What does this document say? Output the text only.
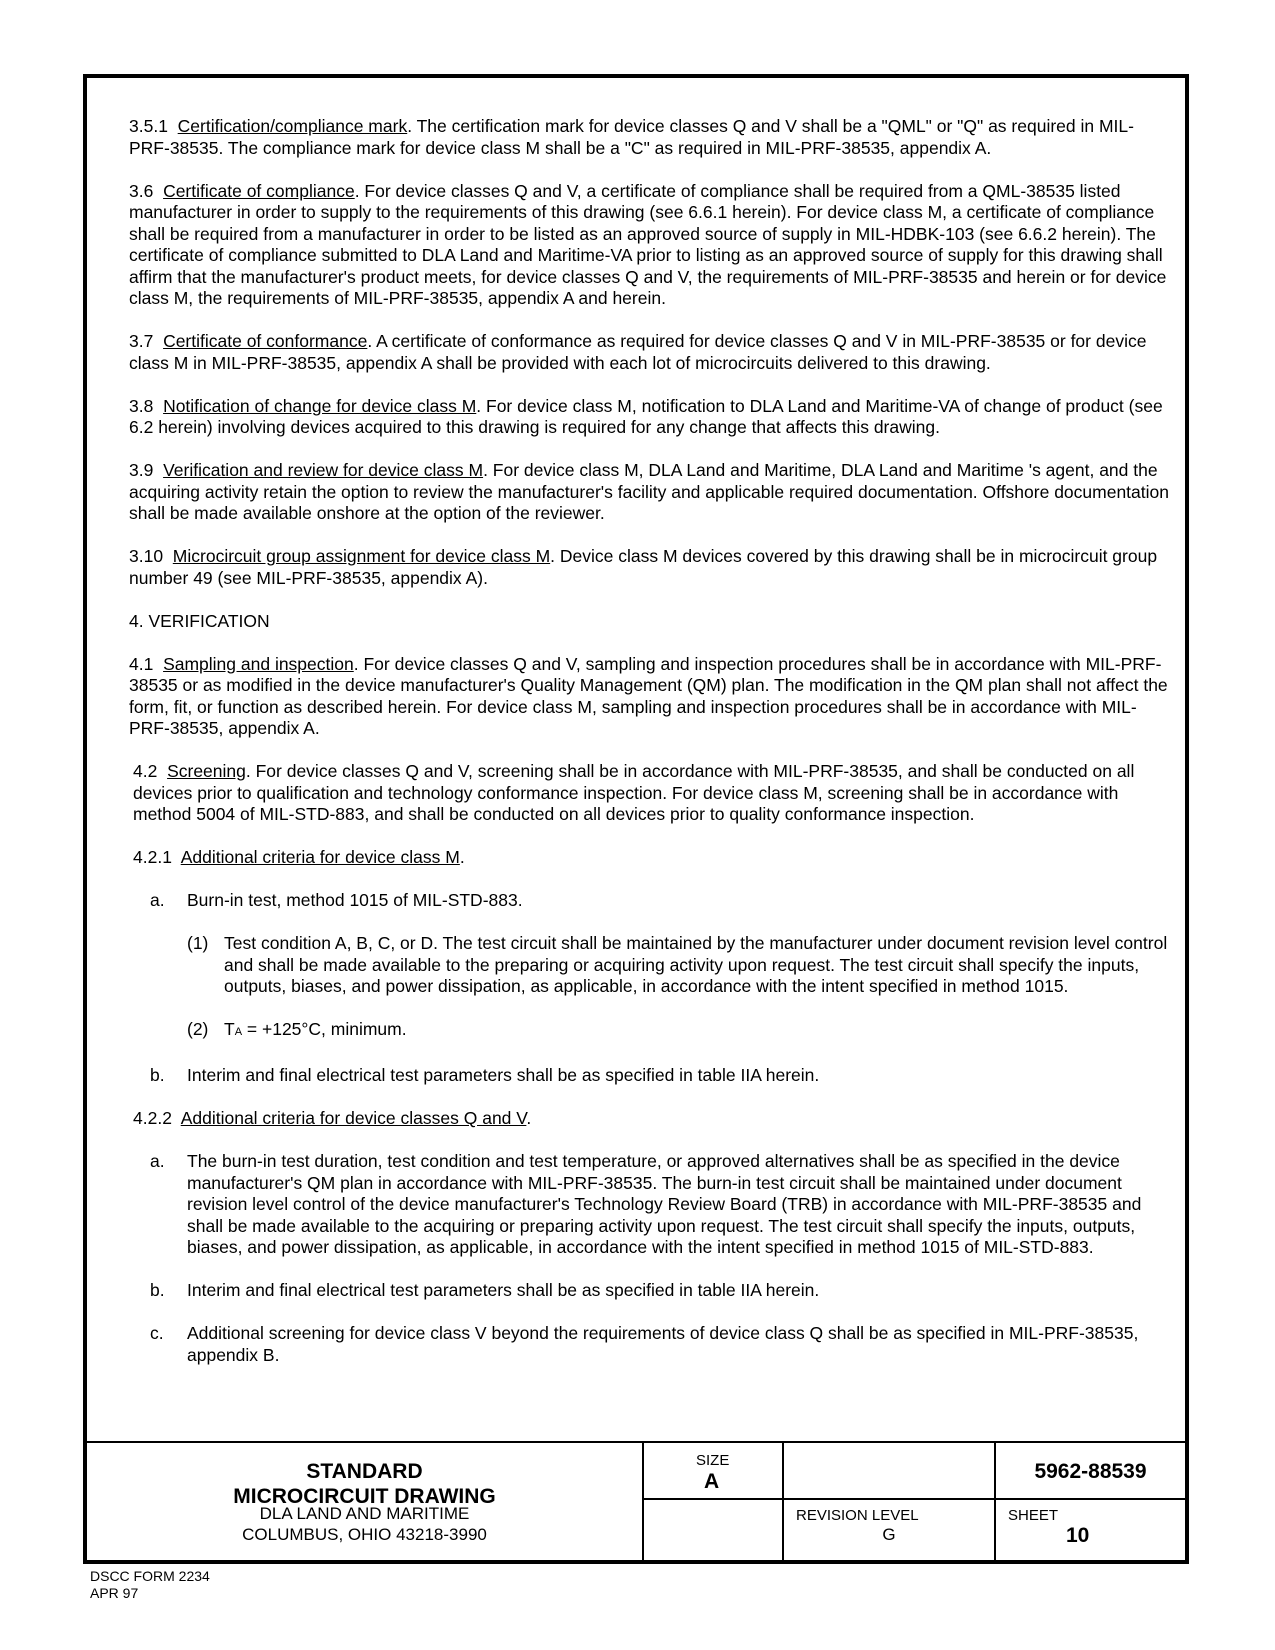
3.5.1 Certification/compliance mark. The certification mark for device classes Q and V shall be a "QML" or "Q" as required in MIL-PRF-38535. The compliance mark for device class M shall be a "C" as required in MIL-PRF-38535, appendix A.

3.6 Certificate of compliance. For device classes Q and V, a certificate of compliance shall be required from a QML-38535 listed manufacturer in order to supply to the requirements of this drawing (see 6.6.1 herein). For device class M, a certificate of compliance shall be required from a manufacturer in order to be listed as an approved source of supply in MIL-HDBK-103 (see 6.6.2 herein). The certificate of compliance submitted to DLA Land and Maritime-VA prior to listing as an approved source of supply for this drawing shall affirm that the manufacturer's product meets, for device classes Q and V, the requirements of MIL-PRF-38535 and herein or for device class M, the requirements of MIL-PRF-38535, appendix A and herein.

3.7 Certificate of conformance. A certificate of conformance as required for device classes Q and V in MIL-PRF-38535 or for device class M in MIL-PRF-38535, appendix A shall be provided with each lot of microcircuits delivered to this drawing.

3.8 Notification of change for device class M. For device class M, notification to DLA Land and Maritime-VA of change of product (see 6.2 herein) involving devices acquired to this drawing is required for any change that affects this drawing.

3.9 Verification and review for device class M. For device class M, DLA Land and Maritime, DLA Land and Maritime 's agent, and the acquiring activity retain the option to review the manufacturer's facility and applicable required documentation. Offshore documentation shall be made available onshore at the option of the reviewer.

3.10 Microcircuit group assignment for device class M. Device class M devices covered by this drawing shall be in microcircuit group number 49 (see MIL-PRF-38535, appendix A).

4. VERIFICATION

4.1 Sampling and inspection. For device classes Q and V, sampling and inspection procedures shall be in accordance with MIL-PRF-38535 or as modified in the device manufacturer's Quality Management (QM) plan. The modification in the QM plan shall not affect the form, fit, or function as described herein. For device class M, sampling and inspection procedures shall be in accordance with MIL-PRF-38535, appendix A.

4.2 Screening. For device classes Q and V, screening shall be in accordance with MIL-PRF-38535, and shall be conducted on all devices prior to qualification and technology conformance inspection. For device class M, screening shall be in accordance with method 5004 of MIL-STD-883, and shall be conducted on all devices prior to quality conformance inspection.

4.2.1 Additional criteria for device class M.

a.	Burn-in test, method 1015 of MIL-STD-883.
(1) Test condition A, B, C, or D. The test circuit shall be maintained by the manufacturer under document revision level control and shall be made available to the preparing or acquiring activity upon request. The test circuit shall specify the inputs, outputs, biases, and power dissipation, as applicable, in accordance with the intent specified in method 1015.
(2) TA = +125°C, minimum.
b.	Interim and final electrical test parameters shall be as specified in table IIA herein.

4.2.2 Additional criteria for device classes Q and V.

a.	The burn-in test duration, test condition and test temperature, or approved alternatives shall be as specified in the device manufacturer's QM plan in accordance with MIL-PRF-38535. The burn-in test circuit shall be maintained under document revision level control of the device manufacturer's Technology Review Board (TRB) in accordance with MIL-PRF-38535 and shall be made available to the acquiring or preparing activity upon request. The test circuit shall specify the inputs, outputs, biases, and power dissipation, as applicable, in accordance with the intent specified in method 1015 of MIL-STD-883.
b.	Interim and final electrical test parameters shall be as specified in table IIA herein.
c.	Additional screening for device class V beyond the requirements of device class Q shall be as specified in MIL-PRF-38535, appendix B.
STANDARD
MICROCIRCUIT DRAWING
DLA LAND AND MARITIME
COLUMBUS, OHIO 43218-3990
SIZE
A	5962-88539
REVISION LEVEL
G
SHEET
10
DSCC FORM 2234
APR 97
